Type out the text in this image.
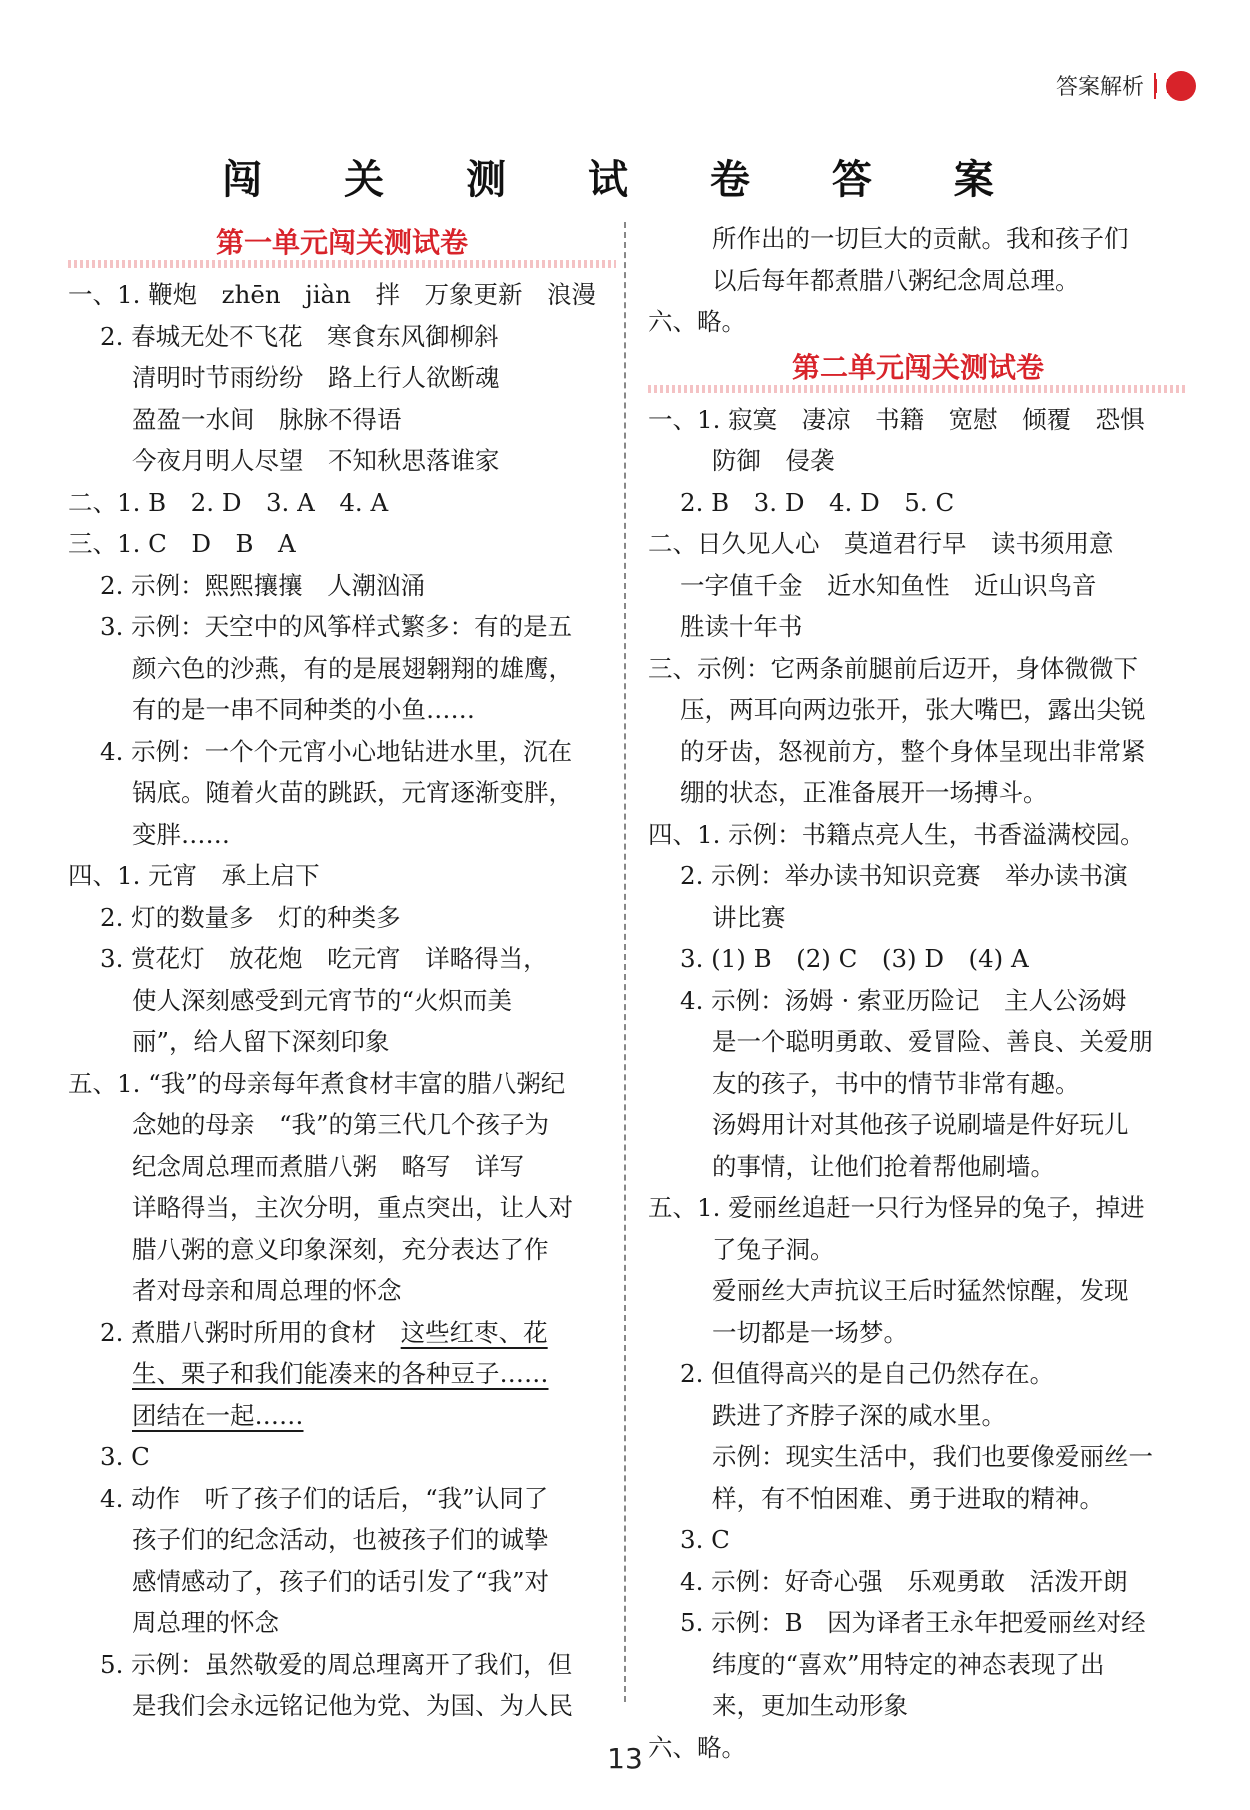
答案解析
闯 关 测 试 卷 答 案
第一单元闯关测试卷
一、1. 鞭炮　zhēn　jiàn　拌　万象更新　浪漫
2. 春城无处不飞花　寒食东风御柳斜
清明时节雨纷纷　路上行人欲断魂
盈盈一水间　脉脉不得语
今夜月明人尽望　不知秋思落谁家
二、1. B　2. D　3. A　4. A
三、1. C　D　B　A
2. 示例：熙熙攘攘　人潮汹涌
3. 示例：天空中的风筝样式繁多：有的是五
颜六色的沙燕，有的是展翅翱翔的雄鹰，
有的是一串不同种类的小鱼……
4. 示例：一个个元宵小心地钻进水里，沉在
锅底。随着火苗的跳跃，元宵逐渐变胖，
变胖……
四、1. 元宵　承上启下
2. 灯的数量多　灯的种类多
3. 赏花灯　放花炮　吃元宵　详略得当，
使人深刻感受到元宵节的“火炽而美
丽”，给人留下深刻印象
五、1. “我”的母亲每年煮食材丰富的腊八粥纪
念她的母亲　“我”的第三代几个孩子为
纪念周总理而煮腊八粥　略写　详写
详略得当，主次分明，重点突出，让人对
腊八粥的意义印象深刻，充分表达了作
者对母亲和周总理的怀念
2. 煮腊八粥时所用的食材　这些红枣、花
生、栗子和我们能凑来的各种豆子……
团结在一起……
3. C
4. 动作　听了孩子们的话后，“我”认同了
孩子们的纪念活动，也被孩子们的诚挚
感情感动了，孩子们的话引发了“我”对
周总理的怀念
5. 示例：虽然敬爱的周总理离开了我们，但
是我们会永远铭记他为党、为国、为人民
所作出的一切巨大的贡献。我和孩子们
以后每年都煮腊八粥纪念周总理。
六、略。
第二单元闯关测试卷
一、1. 寂寞　凄凉　书籍　宽慰　倾覆　恐惧
防御　侵袭
2. B　3. D　4. D　5. C
二、日久见人心　莫道君行早　读书须用意
一字值千金　近水知鱼性　近山识鸟音
胜读十年书
三、示例：它两条前腿前后迈开，身体微微下
压，两耳向两边张开，张大嘴巴，露出尖锐
的牙齿，怒视前方，整个身体呈现出非常紧
绷的状态，正准备展开一场搏斗。
四、1. 示例：书籍点亮人生，书香溢满校园。
2. 示例：举办读书知识竞赛　举办读书演
讲比赛
3. (1) B　(2) C　(3) D　(4) A
4. 示例：汤姆 · 索亚历险记　主人公汤姆
是一个聪明勇敢、爱冒险、善良、关爱朋
友的孩子，书中的情节非常有趣。
汤姆用计对其他孩子说刷墙是件好玩儿
的事情，让他们抢着帮他刷墙。
五、1. 爱丽丝追赶一只行为怪异的兔子，掉进
了兔子洞。
爱丽丝大声抗议王后时猛然惊醒，发现
一切都是一场梦。
2. 但值得高兴的是自己仍然存在。
跌进了齐脖子深的咸水里。
示例：现实生活中，我们也要像爱丽丝一
样，有不怕困难、勇于进取的精神。
3. C
4. 示例：好奇心强　乐观勇敢　活泼开朗
5. 示例：B　因为译者王永年把爱丽丝对经
纬度的“喜欢”用特定的神态表现了出
来，更加生动形象
六、略。
13
